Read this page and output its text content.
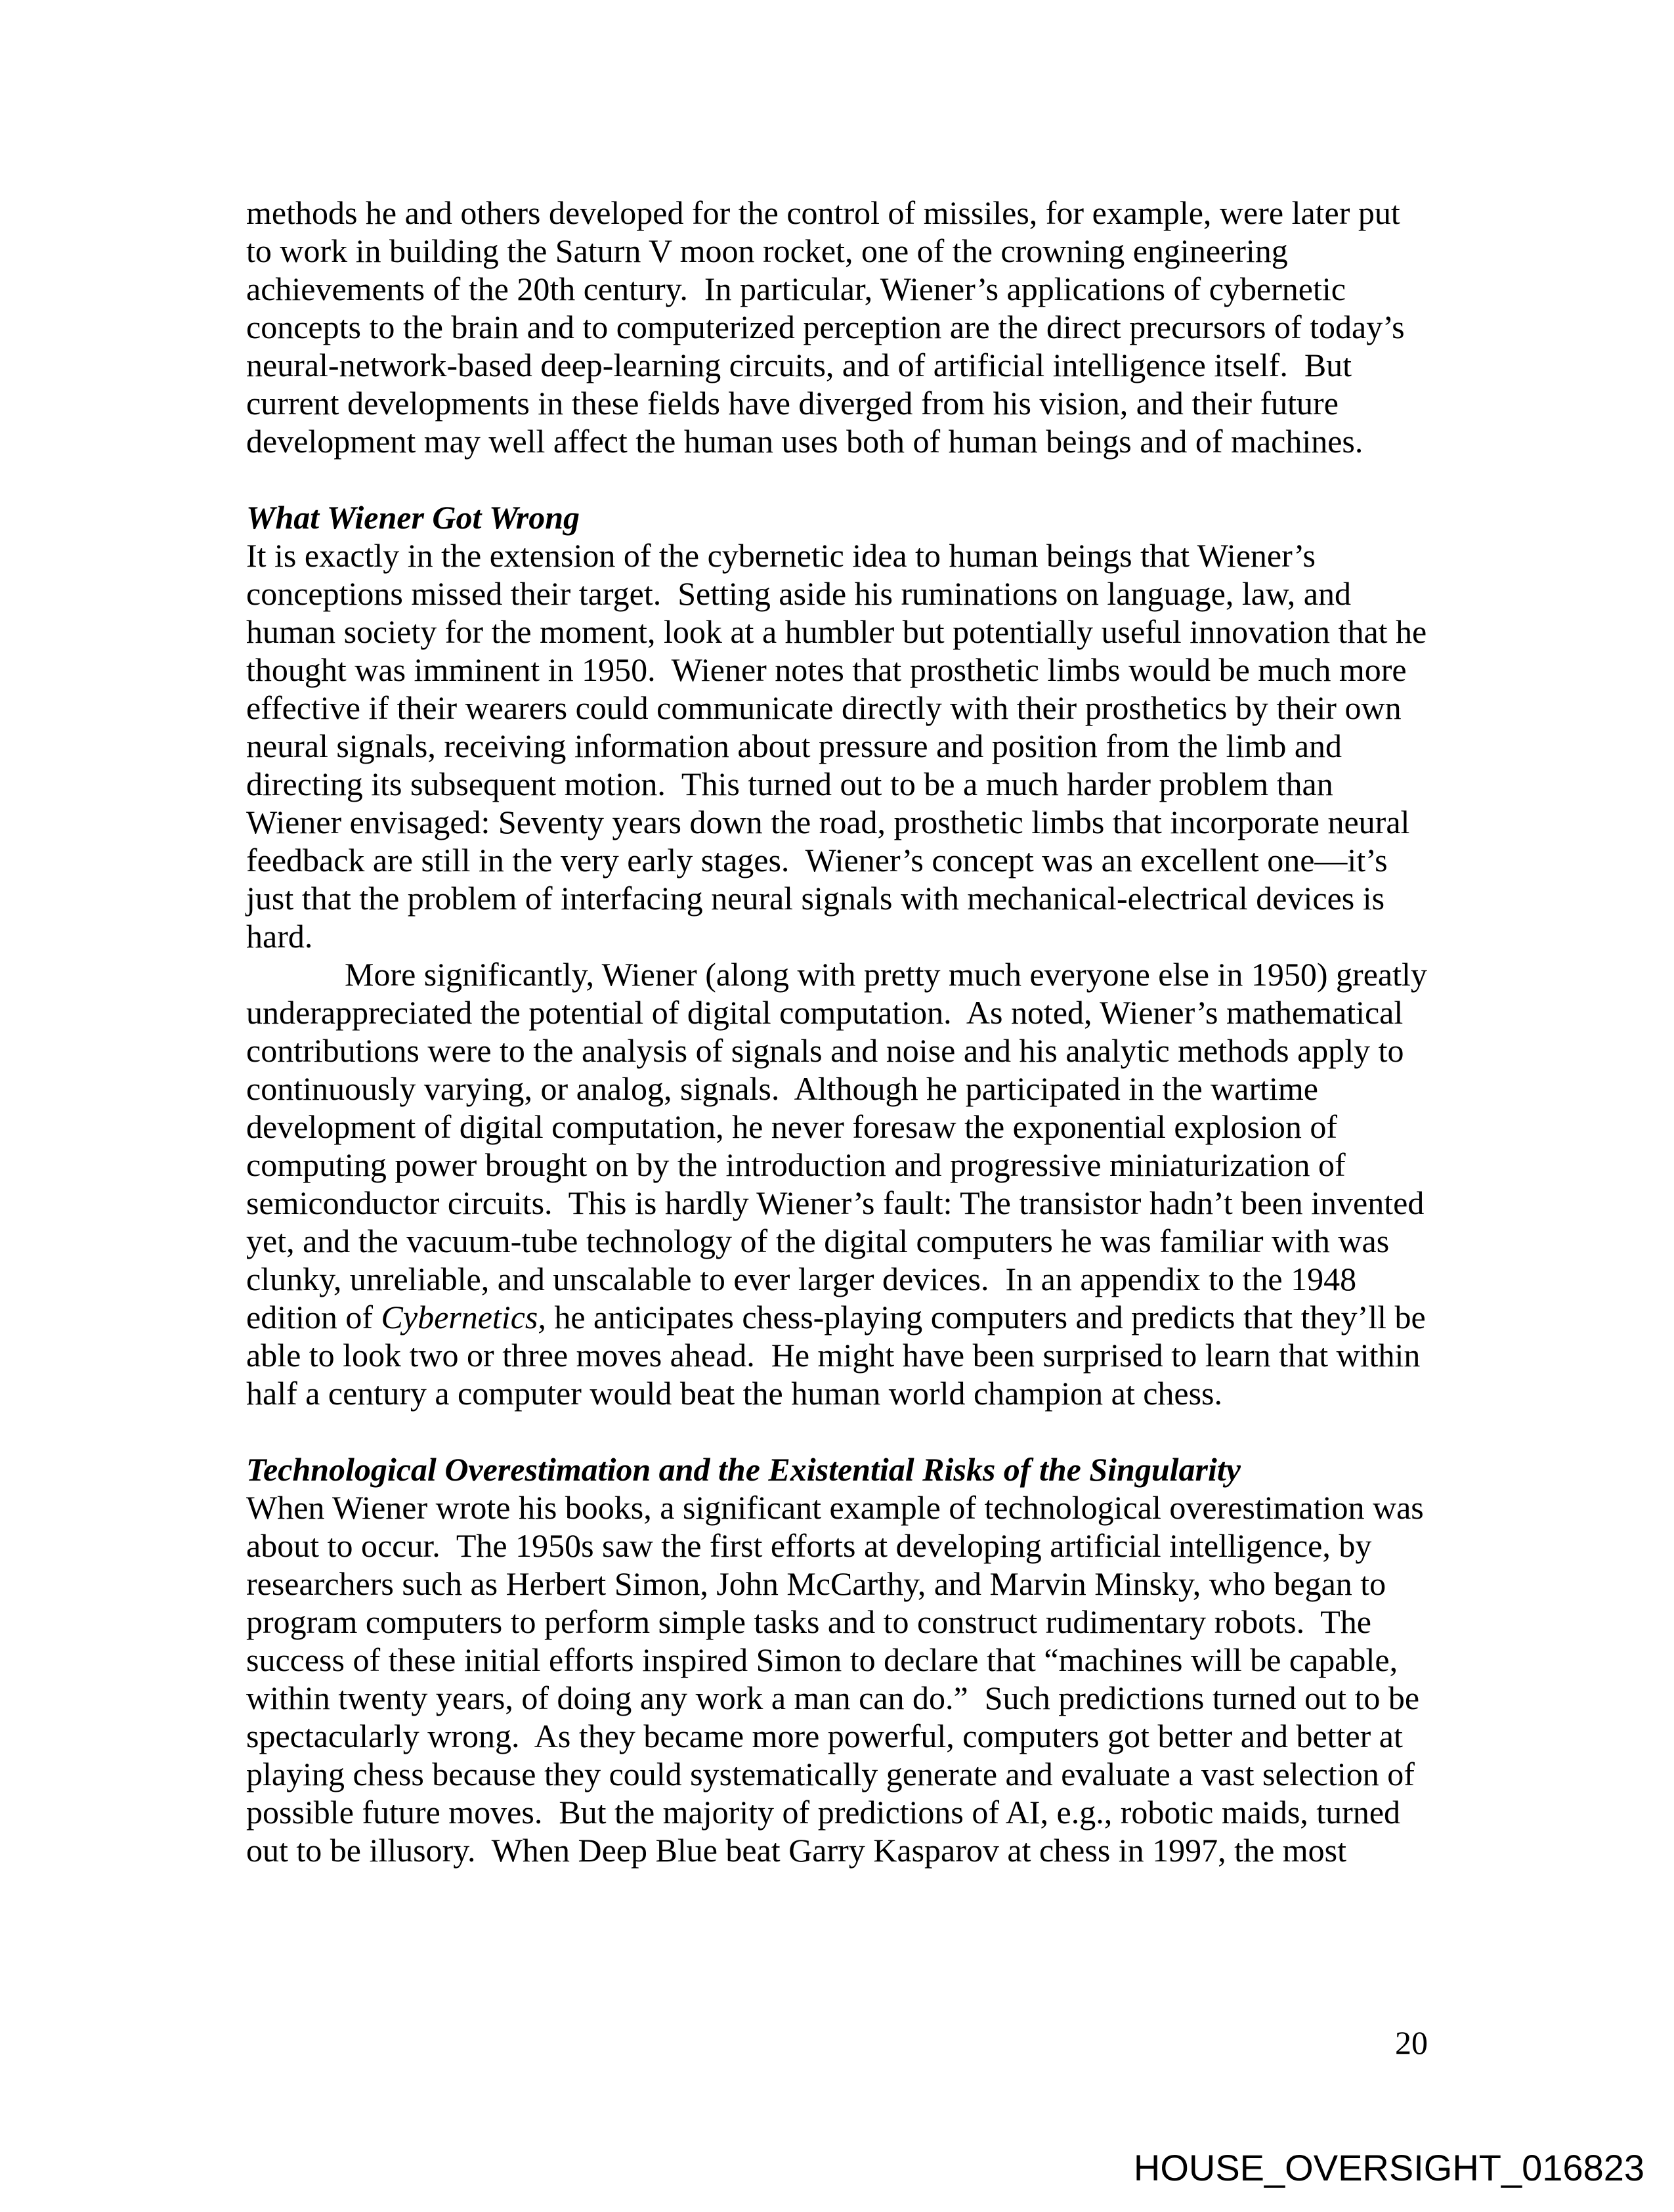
methods he and others developed for the control of missiles, for example, were later put to work in building the Saturn V moon rocket, one of the crowning engineering achievements of the 20th century.  In particular, Wiener’s applications of cybernetic concepts to the brain and to computerized perception are the direct precursors of today’s neural-network-based deep-learning circuits, and of artificial intelligence itself.  But current developments in these fields have diverged from his vision, and their future development may well affect the human uses both of human beings and of machines.

What Wiener Got Wrong

It is exactly in the extension of the cybernetic idea to human beings that Wiener’s conceptions missed their target.  Setting aside his ruminations on language, law, and human society for the moment, look at a humbler but potentially useful innovation that he thought was imminent in 1950.  Wiener notes that prosthetic limbs would be much more effective if their wearers could communicate directly with their prosthetics by their own neural signals, receiving information about pressure and position from the limb and directing its subsequent motion.  This turned out to be a much harder problem than Wiener envisaged: Seventy years down the road, prosthetic limbs that incorporate neural feedback are still in the very early stages.  Wiener’s concept was an excellent one—it’s just that the problem of interfacing neural signals with mechanical-electrical devices is hard.

More significantly, Wiener (along with pretty much everyone else in 1950) greatly underappreciated the potential of digital computation.  As noted, Wiener’s mathematical contributions were to the analysis of signals and noise and his analytic methods apply to continuously varying, or analog, signals.  Although he participated in the wartime development of digital computation, he never foresaw the exponential explosion of computing power brought on by the introduction and progressive miniaturization of semiconductor circuits.  This is hardly Wiener’s fault: The transistor hadn’t been invented yet, and the vacuum-tube technology of the digital computers he was familiar with was clunky, unreliable, and unscalable to ever larger devices.  In an appendix to the 1948 edition of Cybernetics, he anticipates chess-playing computers and predicts that they’ll be able to look two or three moves ahead.  He might have been surprised to learn that within half a century a computer would beat the human world champion at chess.

Technological Overestimation and the Existential Risks of the Singularity

When Wiener wrote his books, a significant example of technological overestimation was about to occur.  The 1950s saw the first efforts at developing artificial intelligence, by researchers such as Herbert Simon, John McCarthy, and Marvin Minsky, who began to program computers to perform simple tasks and to construct rudimentary robots.  The success of these initial efforts inspired Simon to declare that “machines will be capable, within twenty years, of doing any work a man can do.”  Such predictions turned out to be spectacularly wrong.  As they became more powerful, computers got better and better at playing chess because they could systematically generate and evaluate a vast selection of possible future moves.  But the majority of predictions of AI, e.g., robotic maids, turned out to be illusory.  When Deep Blue beat Garry Kasparov at chess in 1997, the most

20
HOUSE_OVERSIGHT_016823
